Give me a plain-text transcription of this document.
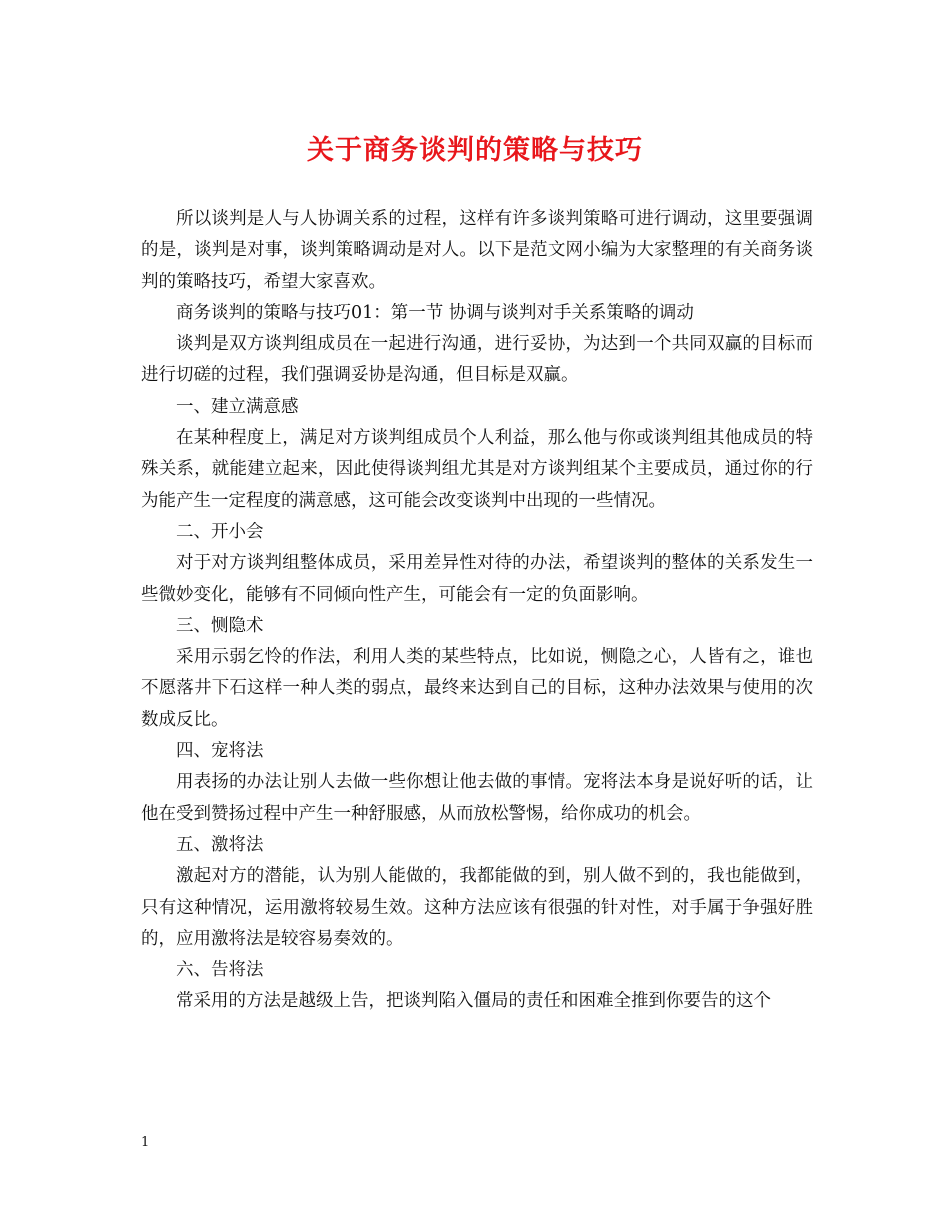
关于商务谈判的策略与技巧

所以谈判是人与人协调关系的过程，这样有许多谈判策略可进行调动，这里要强调的是，谈判是对事，谈判策略调动是对人。以下是范文网小编为大家整理的有关商务谈判的策略技巧，希望大家喜欢。

商务谈判的策略与技巧01：第一节 协调与谈判对手关系策略的调动

谈判是双方谈判组成员在一起进行沟通，进行妥协，为达到一个共同双赢的目标而进行切磋的过程，我们强调妥协是沟通，但目标是双赢。

一、建立满意感

在某种程度上，满足对方谈判组成员个人利益，那么他与你或谈判组其他成员的特殊关系，就能建立起来，因此使得谈判组尤其是对方谈判组某个主要成员，通过你的行为能产生一定程度的满意感，这可能会改变谈判中出现的一些情况。

二、开小会

对于对方谈判组整体成员，采用差异性对待的办法，希望谈判的整体的关系发生一些微妙变化，能够有不同倾向性产生，可能会有一定的负面影响。

三、恻隐术

采用示弱乞怜的作法，利用人类的某些特点，比如说，恻隐之心，人皆有之，谁也不愿落井下石这样一种人类的弱点，最终来达到自己的目标，这种办法效果与使用的次数成反比。

四、宠将法

用表扬的办法让别人去做一些你想让他去做的事情。宠将法本身是说好听的话，让他在受到赞扬过程中产生一种舒服感，从而放松警惕，给你成功的机会。

五、激将法

激起对方的潜能，认为别人能做的，我都能做的到，别人做不到的，我也能做到，只有这种情况，运用激将较易生效。这种方法应该有很强的针对性，对手属于争强好胜的，应用激将法是较容易奏效的。

六、告将法

常采用的方法是越级上告，把谈判陷入僵局的责任和困难全推到你要告的这个

1
